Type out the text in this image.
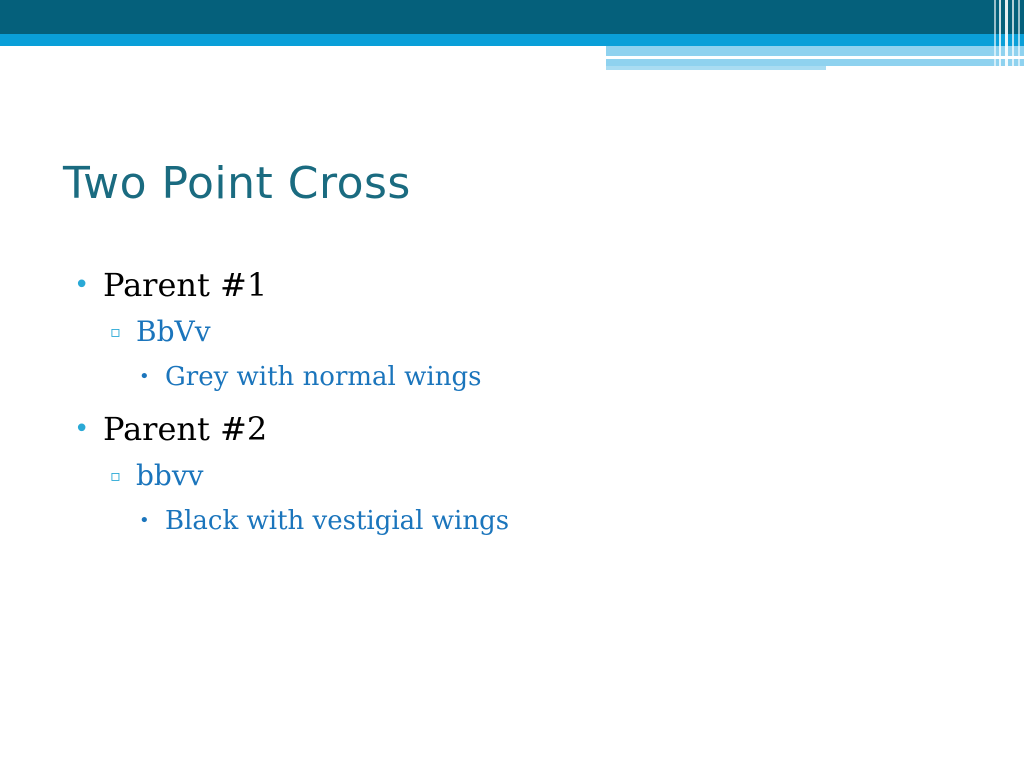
Two Point Cross
• Parent #1
▫ BbVv
• Grey with normal wings
• Parent #2
▫ bbvv
• Black with vestigial wings
